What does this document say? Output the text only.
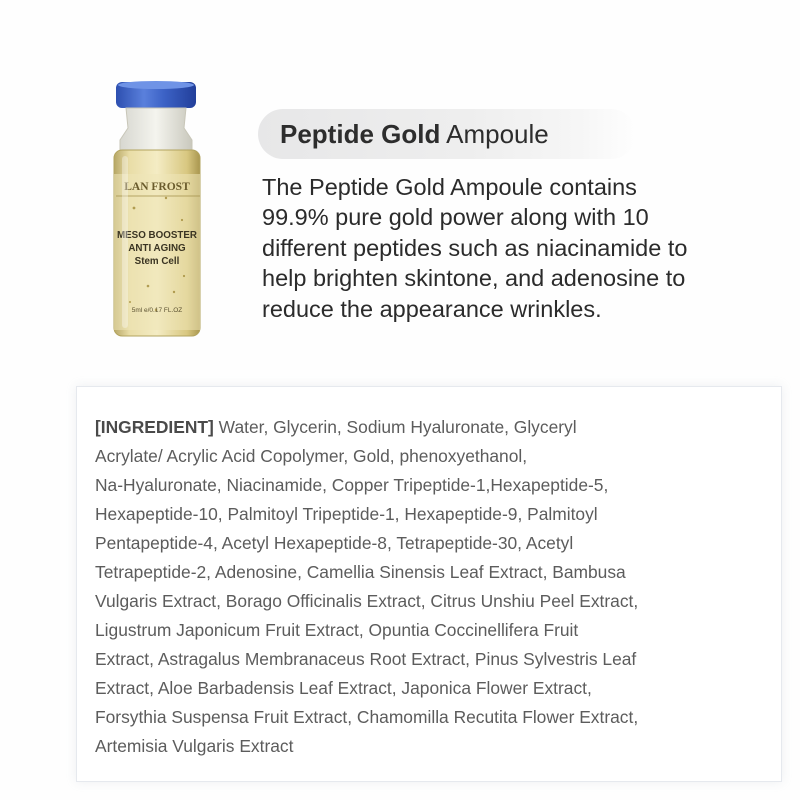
LAN FROST
MESO BOOSTER
ANTI AGING
Stem Cell
5ml e/0.17 FL.OZ
Peptide Gold Ampoule

The Peptide Gold Ampoule contains
99.9% pure gold power along with 10
different peptides such as niacinamide to
help brighten skintone, and adenosine to
reduce the appearance wrinkles.

[INGREDIENT] Water, Glycerin, Sodium Hyaluronate, Glyceryl
Acrylate/ Acrylic Acid Copolymer, Gold, phenoxyethanol,
Na-Hyaluronate, Niacinamide, Copper Tripeptide-1,Hexapeptide-5,
Hexapeptide-10, Palmitoyl Tripeptide-1, Hexapeptide-9, Palmitoyl
Pentapeptide-4, Acetyl Hexapeptide-8, Tetrapeptide-30, Acetyl
Tetrapeptide-2, Adenosine, Camellia Sinensis Leaf Extract, Bambusa
Vulgaris Extract, Borago Officinalis Extract, Citrus Unshiu Peel Extract,
Ligustrum Japonicum Fruit Extract, Opuntia Coccinellifera Fruit
Extract, Astragalus Membranaceus Root Extract, Pinus Sylvestris Leaf
Extract, Aloe Barbadensis Leaf Extract, Japonica Flower Extract,
Forsythia Suspensa Fruit Extract, Chamomilla Recutita Flower Extract,
Artemisia Vulgaris Extract
